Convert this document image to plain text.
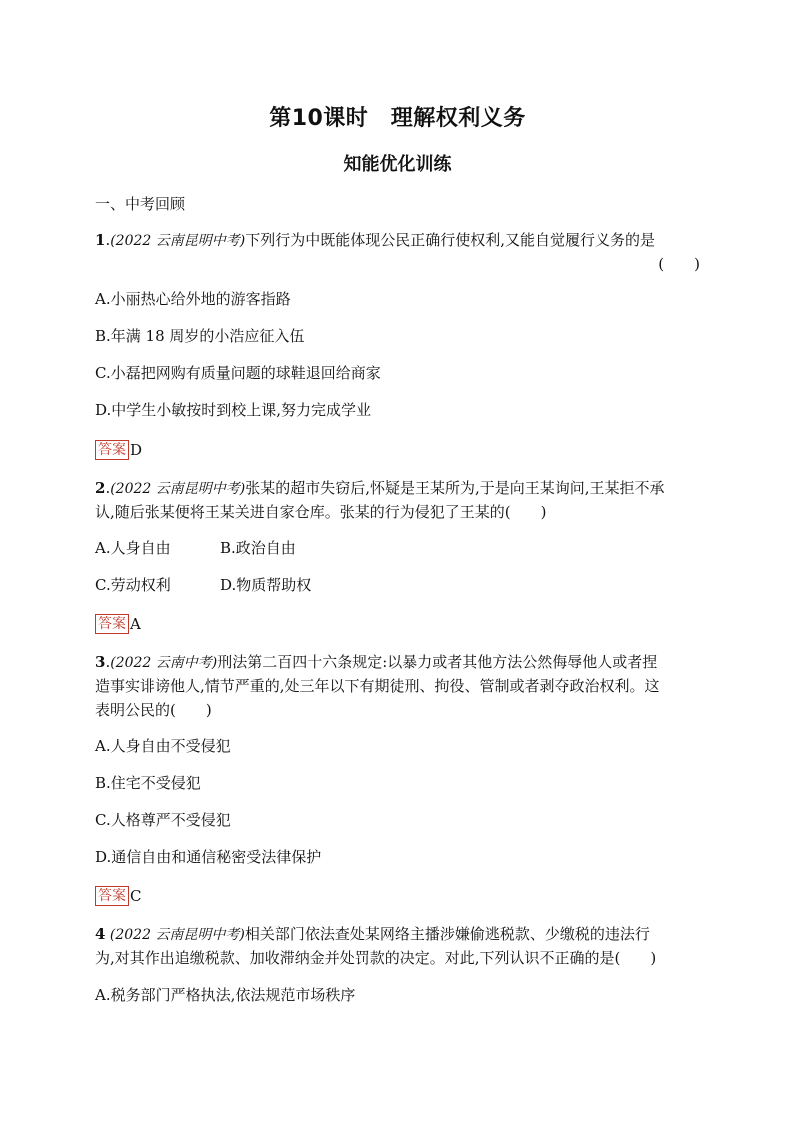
第10课时　理解权利义务
知能优化训练
一、中考回顾
1.(2022 云南昆明中考)下列行为中既能体现公民正确行使权利,又能自觉履行义务的是
(　　)
A.小丽热心给外地的游客指路
B.年满 18 周岁的小浩应征入伍
C.小磊把网购有质量问题的球鞋退回给商家
D.中学生小敏按时到校上课,努力完成学业
答案 D
2.(2022 云南昆明中考)张某的超市失窃后,怀疑是王某所为,于是向王某询问,王某拒不承
认,随后张某便将王某关进自家仓库。张某的行为侵犯了王某的(　　)
A.人身自由	B.政治自由
C.劳动权利	D.物质帮助权
答案 A
3.(2022 云南中考)刑法第二百四十六条规定:以暴力或者其他方法公然侮辱他人或者捏
造事实诽谤他人,情节严重的,处三年以下有期徒刑、拘役、管制或者剥夺政治权利。这
表明公民的(　　)
A.人身自由不受侵犯
B.住宅不受侵犯
C.人格尊严不受侵犯
D.通信自由和通信秘密受法律保护
答案 C
4 (2022 云南昆明中考)相关部门依法查处某网络主播涉嫌偷逃税款、少缴税的违法行
为,对其作出追缴税款、加收滞纳金并处罚款的决定。对此,下列认识不正确的是(　　)
A.税务部门严格执法,依法规范市场秩序
